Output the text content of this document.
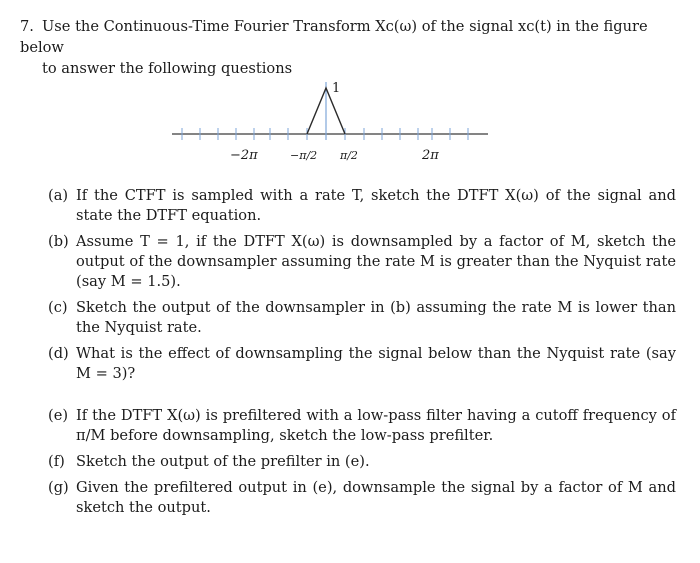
7. Use the Continuous-Time Fourier Transform Xᴄ(ω) of the signal xᴄ(t) in the figure below
to answer the following questions
1
−2π	−π/2 π/2	2π
(a) If the CTFT is sampled with a rate T, sketch the DTFT X(ω) of the signal and state the DTFT equation.
(b) Assume T = 1, if the DTFT X(ω) is downsampled by a factor of M, sketch the output of the downsampler assuming the rate M is greater than the Nyquist rate (say M = 1.5).
(c) Sketch the output of the downsampler in (b) assuming the rate M is lower than the Nyquist rate.
(d) What is the effect of downsampling the signal below than the Nyquist rate (say M = 3)?
(e) If the DTFT X(ω) is prefiltered with a low-pass filter having a cutoff frequency of π/M before downsampling, sketch the low-pass prefilter.
(f) Sketch the output of the prefilter in (e).
(g) Given the prefiltered output in (e), downsample the signal by a factor of M and sketch the output.
